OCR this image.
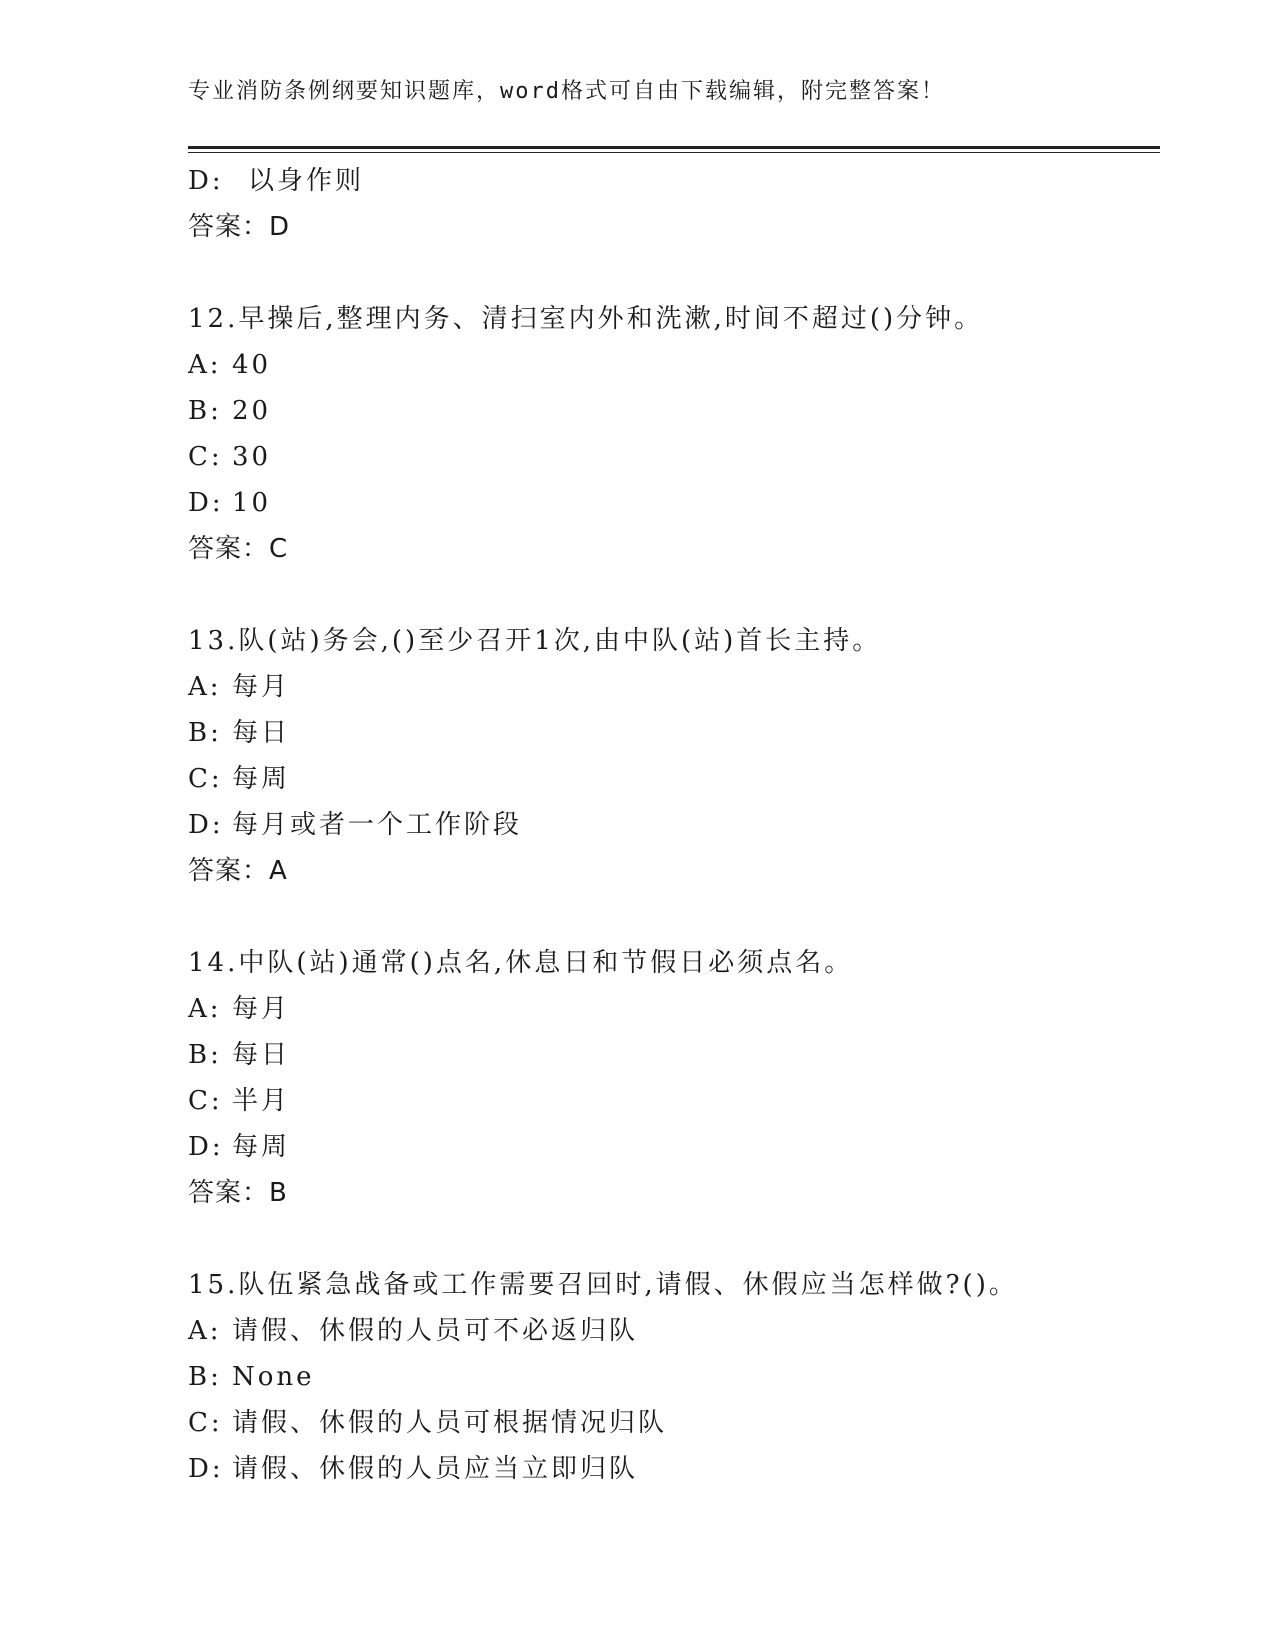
专业消防条例纲要知识题库，word格式可自由下载编辑，附完整答案！
D: 以身作则
答案：D
12.早操后,整理内务、清扫室内外和洗漱,时间不超过()分钟。
A: 40
B: 20
C: 30
D: 10
答案：C
13.队(站)务会,()至少召开1次,由中队(站)首长主持。
A: 每月
B: 每日
C: 每周
D: 每月或者一个工作阶段
答案：A
14.中队(站)通常()点名,休息日和节假日必须点名。
A: 每月
B: 每日
C: 半月
D: 每周
答案：B
15.队伍紧急战备或工作需要召回时,请假、休假应当怎样做?()。
A: 请假、休假的人员可不必返归队
B: None
C: 请假、休假的人员可根据情况归队
D: 请假、休假的人员应当立即归队
